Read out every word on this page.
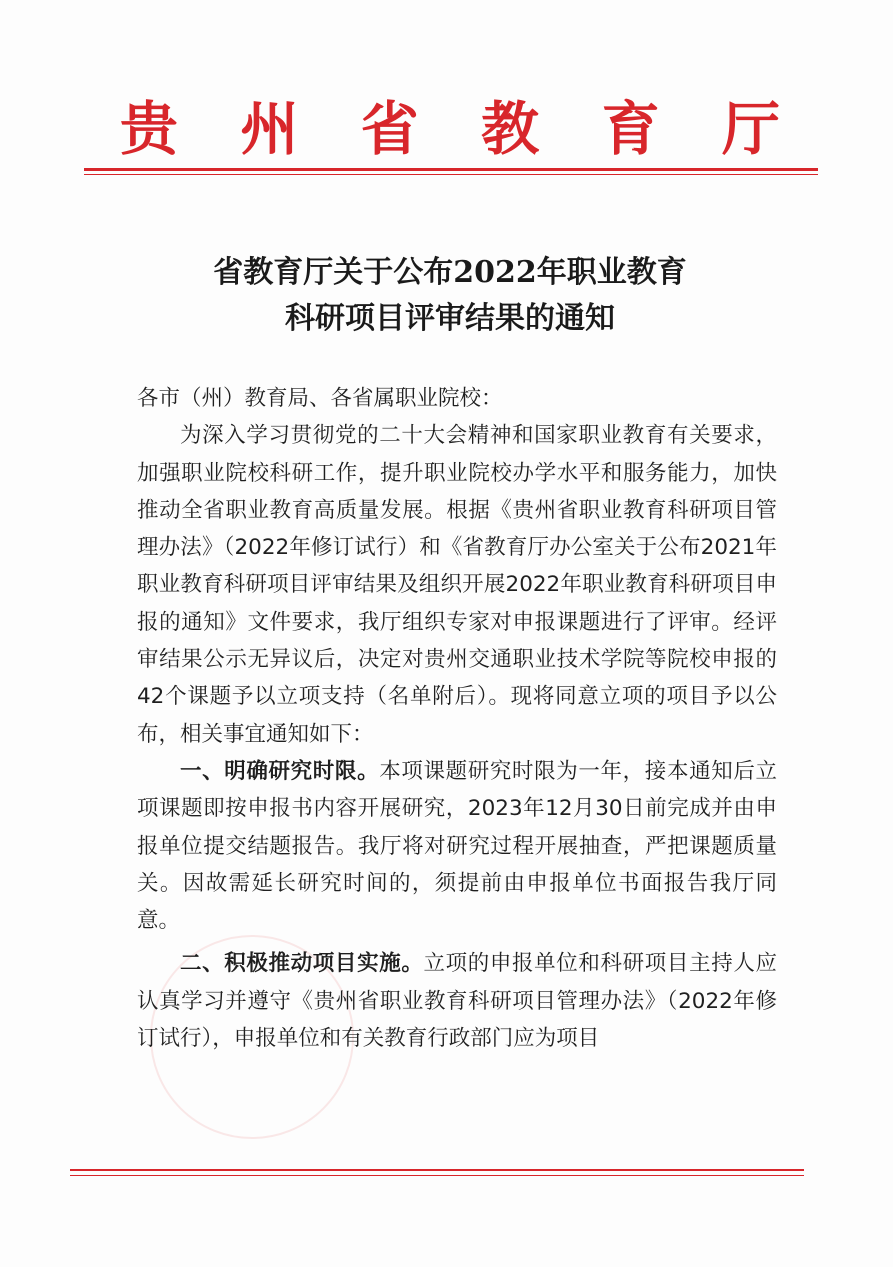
贵 州 省 教 育 厅
省教育厅关于公布2022年职业教育
科研项目评审结果的通知

各市（州）教育局、各省属职业院校：

为深入学习贯彻党的二十大会精神和国家职业教育有关要求，加强职业院校科研工作，提升职业院校办学水平和服务能力，加快推动全省职业教育高质量发展。根据《贵州省职业教育科研项目管理办法》（2022年修订试行）和《省教育厅办公室关于公布2021年职业教育科研项目评审结果及组织开展2022年职业教育科研项目申报的通知》文件要求，我厅组织专家对申报课题进行了评审。经评审结果公示无异议后，决定对贵州交通职业技术学院等院校申报的42个课题予以立项支持（名单附后）。现将同意立项的项目予以公布，相关事宜通知如下：

一、明确研究时限。本项课题研究时限为一年，接本通知后立项课题即按申报书内容开展研究，2023年12月30日前完成并由申报单位提交结题报告。我厅将对研究过程开展抽查，严把课题质量关。因故需延长研究时间的，须提前由申报单位书面报告我厅同意。

二、积极推动项目实施。立项的申报单位和科研项目主持人应认真学习并遵守《贵州省职业教育科研项目管理办法》（2022年修订试行），申报单位和有关教育行政部门应为项目
